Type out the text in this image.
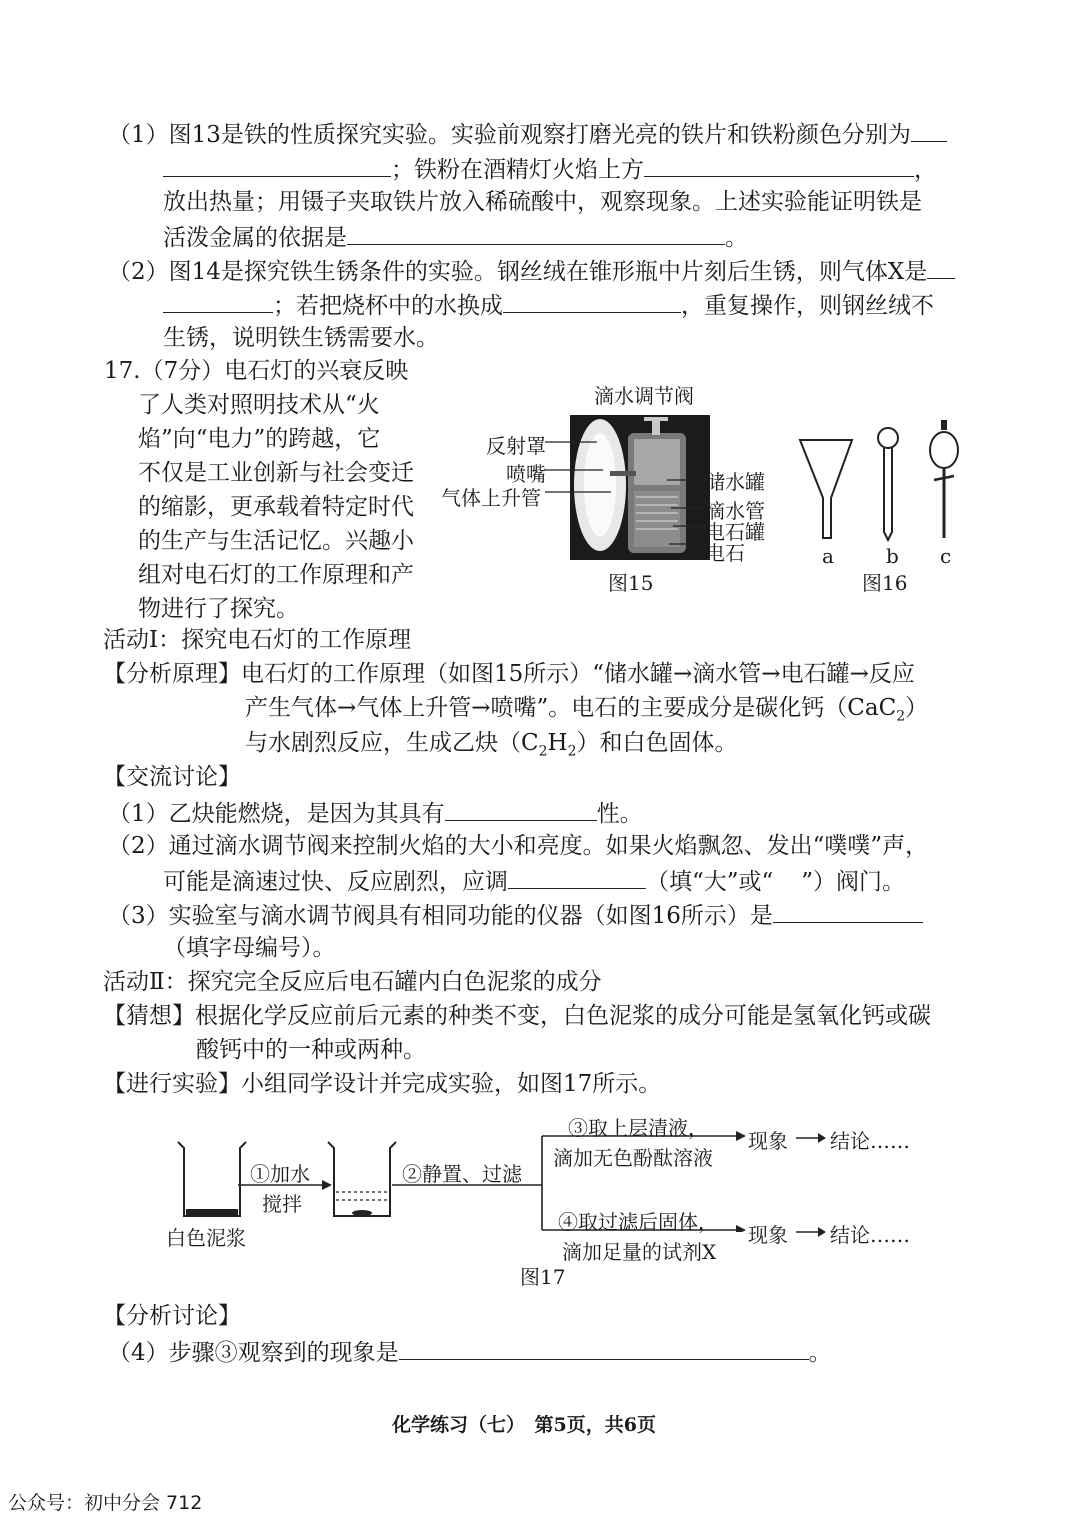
（1）图13是铁的性质探究实验。实验前观察打磨光亮的铁片和铁粉颜色分别为
；铁粉在酒精灯火焰上方	，
放出热量；用镊子夹取铁片放入稀硫酸中，观察现象。上述实验能证明铁是
活泼金属的依据是	。
（2）图14是探究铁生锈条件的实验。钢丝绒在锥形瓶中片刻后生锈，则气体X是
；若把烧杯中的水换成	，重复操作，则钢丝绒不
生锈，说明铁生锈需要水。
17.（7分）电石灯的兴衰反映
了人类对照明技术从“火
焰”向“电力”的跨越，它
不仅是工业创新与社会变迁
的缩影，更承载着特定时代
的生产与生活记忆。兴趣小
组对电石灯的工作原理和产
物进行了探究。
滴水调节阀
反射罩
喷嘴
气体上升管
储水罐
滴水管
电石罐
电石
图15
a	b c
图16
活动Ⅰ：探究电石灯的工作原理
【分析原理】电石灯的工作原理（如图15所示）“储水罐→滴水管→电石罐→反应
产生气体→气体上升管→喷嘴”。电石的主要成分是碳化钙（CaC$_2$）
与水剧烈反应，生成乙炔$(C_2H_2)$和白色固体。
【交流讨论】
（1）乙炔能燃烧，是因为其具有	性。
（2）通过滴水调节阀来控制火焰的大小和亮度。如果火焰飘忽、发出“噗噗”声，
可能是滴速过快、反应剧烈，应调	（填“大”或“ ”）阀门。
（3）实验室与滴水调节阀具有相同功能的仪器（如图16所示）是
（填字母编号）。
活动Ⅱ：探究完全反应后电石罐内白色泥浆的成分
【猜想】根据化学反应前后元素的种类不变，白色泥浆的成分可能是氢氧化钙或碳
酸钙中的一种或两种。
【进行实验】小组同学设计并完成实验，如图17所示。
①加水
搅拌
②静置、过滤
③取上层清液，
滴加无色酚酞溶液
④取过滤后固体，
滴加足量的试剂X
现象 结论……
现象 结论……
白色泥浆
图17
【分析讨论】
（4）步骤③观察到的现象是	。
化学练习（七）　第5页，共6页
公众号：初中分会 712
